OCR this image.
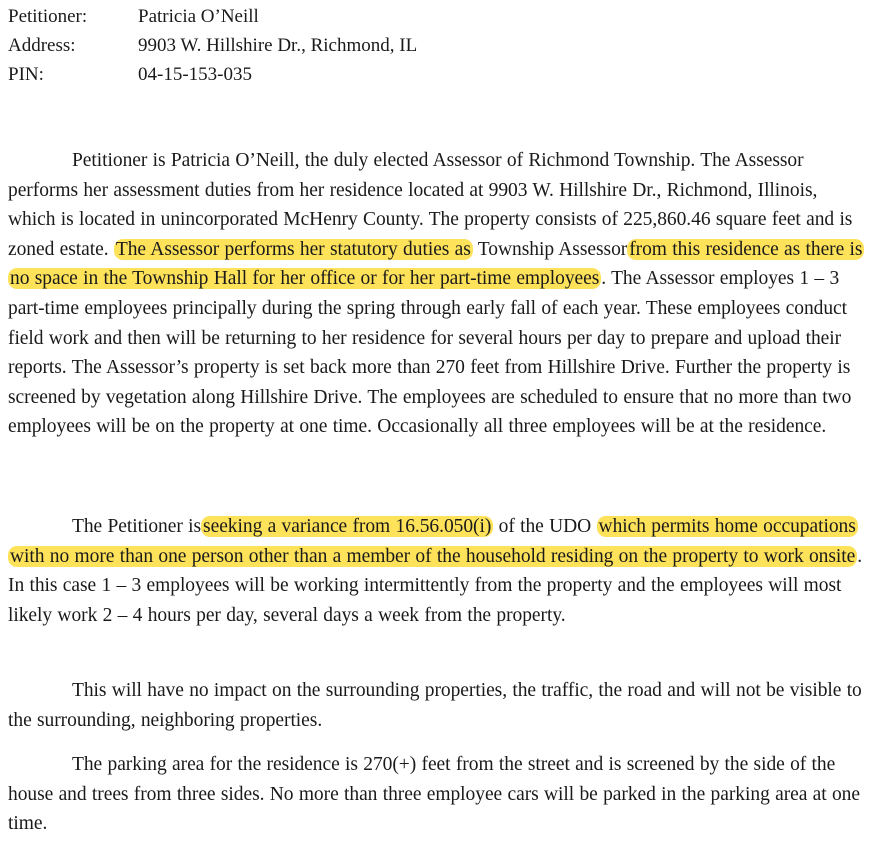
Petitioner:	Patricia O’Neill
Address:	9903 W. Hillshire Dr., Richmond, IL
PIN:	04-15-153-035

Petitioner is Patricia O’Neill, the duly elected Assessor of Richmond Township. The Assessor performs her assessment duties from her residence located at 9903 W. Hillshire Dr., Richmond, Illinois, which is located in unincorporated McHenry County. The property consists of 225,860.46 square feet and is zoned estate. The Assessor performs her statutory duties as Township Assessor from this residence as there is no space in the Township Hall for her office or for her part-time employees . The Assessor employes 1 – 3 part-time employees principally during the spring through early fall of each year. These employees conduct field work and then will be returning to her residence for several hours per day to prepare and upload their reports. The Assessor’s property is set back more than 270 feet from Hillshire Drive. Further the property is screened by vegetation along Hillshire Drive. The employees are scheduled to ensure that no more than two employees will be on the property at one time. Occasionally all three employees will be at the residence.

The Petitioner is seeking a variance from 16.56.050(i) of the UDO which permits home occupations with no more than one person other than a member of the household residing on the property to work onsite . In this case 1 – 3 employees will be working intermittently from the property and the employees will most likely work 2 – 4 hours per day, several days a week from the property.

This will have no impact on the surrounding properties, the traffic, the road and will not be visible to the surrounding, neighboring properties.

The parking area for the residence is 270(+) feet from the street and is screened by the side of the house and trees from three sides. No more than three employee cars will be parked in the parking area at one time.
